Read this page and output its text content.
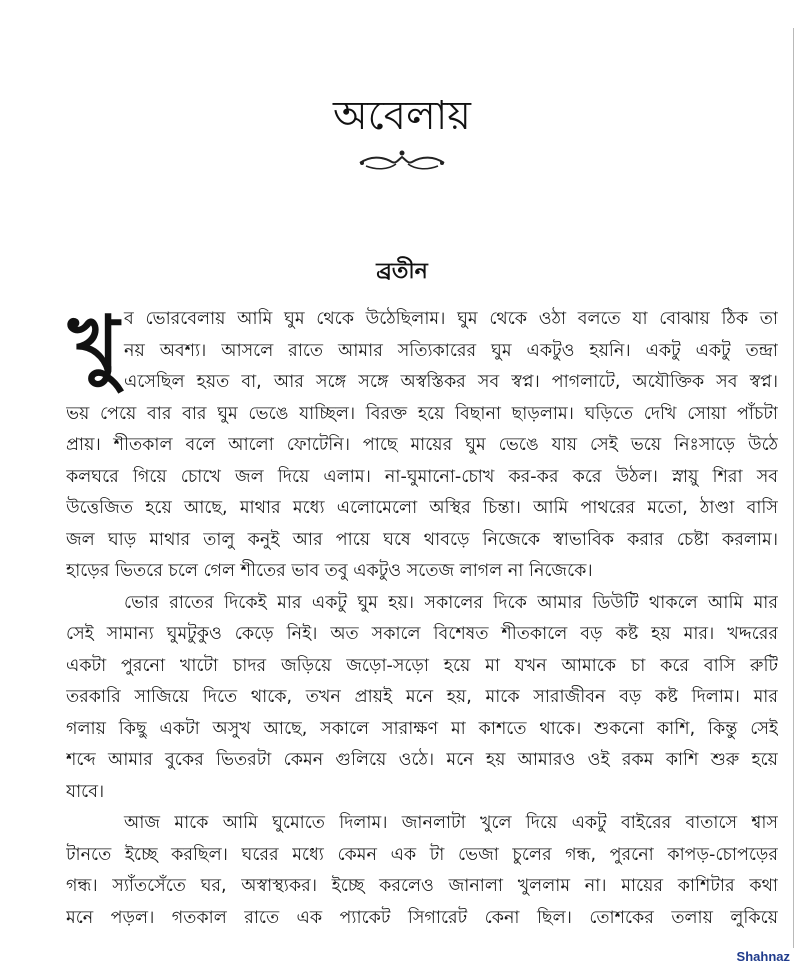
অবেলায়
ব্রতীন
খু ব ভোরবেলায় আমি ঘুম থেকে উঠেছিলাম। ঘুম থেকে ওঠা বলতে যা বোঝায় ঠিক তা
নয় অবশ্য। আসলে রাতে আমার সত্যিকারের ঘুম একটুও হয়নি। একটু একটু তন্দ্রা
এসেছিল হয়ত বা, আর সঙ্গে সঙ্গে অস্বস্তিকর সব স্বপ্ন। পাগলাটে, অযৌক্তিক সব স্বপ্ন।
ভয় পেয়ে বার বার ঘুম ভেঙে যাচ্ছিল। বিরক্ত হয়ে বিছানা ছাড়লাম। ঘড়িতে দেখি সোয়া পাঁচটা
প্রায়। শীতকাল বলে আলো ফোটেনি। পাছে মায়ের ঘুম ভেঙে যায় সেই ভয়ে নিঃসাড়ে উঠে
কলঘরে গিয়ে চোখে জল দিয়ে এলাম। না-ঘুমানো-চোখ কর-কর করে উঠল। স্নায়ু শিরা সব
উত্তেজিত হয়ে আছে, মাথার মধ্যে এলোমেলো অস্থির চিন্তা। আমি পাথরের মতো, ঠাণ্ডা বাসি
জল ঘাড় মাথার তালু কনুই আর পায়ে ঘষে থাবড়ে নিজেকে স্বাভাবিক করার চেষ্টা করলাম।
হাড়ের ভিতরে চলে গেল শীতের ভাব তবু একটুও সতেজ লাগল না নিজেকে।
ভোর রাতের দিকেই মার একটু ঘুম হয়। সকালের দিকে আমার ডিউটি থাকলে আমি মার
সেই সামান্য ঘুমটুকুও কেড়ে নিই। অত সকালে বিশেষত শীতকালে বড় কষ্ট হয় মার। খদ্দরের
একটা পুরনো খাটো চাদর জড়িয়ে জড়ো-সড়ো হয়ে মা যখন আমাকে চা করে বাসি রুটি
তরকারি সাজিয়ে দিতে থাকে, তখন প্রায়ই মনে হয়, মাকে সারাজীবন বড় কষ্ট দিলাম। মার
গলায় কিছু একটা অসুখ আছে, সকালে সারাক্ষণ মা কাশতে থাকে। শুকনো কাশি, কিন্তু সেই
শব্দে আমার বুকের ভিতরটা কেমন গুলিয়ে ওঠে। মনে হয় আমারও ওই রকম কাশি শুরু হয়ে
যাবে।
আজ মাকে আমি ঘুমোতে দিলাম। জানলাটা খুলে দিয়ে একটু বাইরের বাতাসে শ্বাস
টানতে ইচ্ছে করছিল। ঘরের মধ্যে কেমন এক টা ভেজা চুলের গন্ধ, পুরনো কাপড়-চোপড়ের
গন্ধ। স্যাঁতসেঁতে ঘর, অস্বাস্থ্যকর। ইচ্ছে করলেও জানালা খুললাম না। মায়ের কাশিটার কথা
মনে পড়ল। গতকাল রাতে এক প্যাকেট সিগারেট কেনা ছিল। তোশকের তলায় লুকিয়ে
Shahnaz
